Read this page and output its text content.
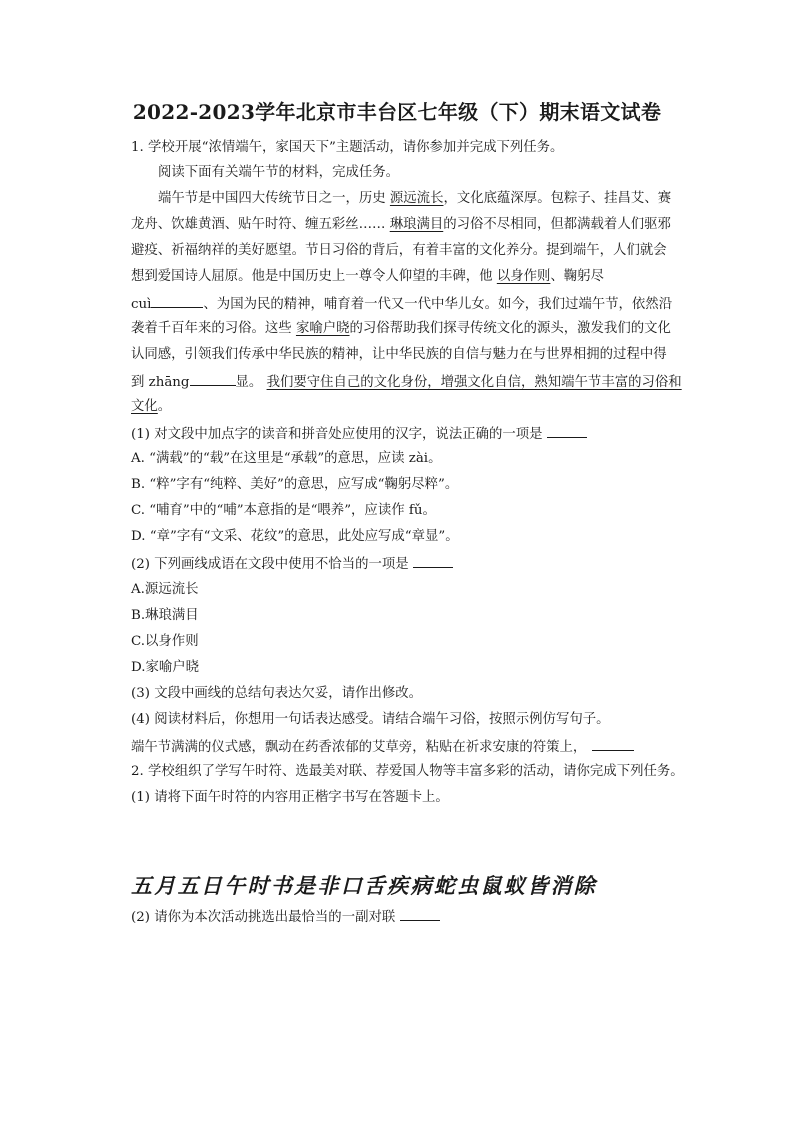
2022-2023学年北京市丰台区七年级（下）期末语文试卷
1. 学校开展“浓情端午，家国天下”主题活动，请你参加并完成下列任务。
阅读下面有关端午节的材料，完成任务。
端午节是中国四大传统节日之一，历史 源远流长，文化底蕴深厚。包粽子、挂昌艾、赛
龙舟、饮雄黄酒、贴午时符、缠五彩丝…… 琳琅满目的习俗不尽相同，但都满载着人们驱邪
避疫、祈福纳祥的美好愿望。节日习俗的背后，有着丰富的文化养分。提到端午，人们就会
想到爱国诗人屈原。他是中国历史上一尊令人仰望的丰碑，他 以身作则、鞠躬尽
cuì	、为国为民的精神，哺育着一代又一代中华儿女。如今，我们过端午节，依然沿
袭着千百年来的习俗。这些 家喻户晓的习俗帮助我们探寻传统文化的源头，激发我们的文化
认同感，引领我们传承中华民族的精神，让中华民族的自信与魅力在与世界相拥的过程中得
到 zhāng	显。 我们要守住自己的文化身份，增强文化自信，熟知端午节丰富的习俗和
文化。
(1) 对文段中加点字的读音和拼音处应使用的汉字，说法正确的一项是
A. “满载”的“载”在这里是“承载”的意思，应读 zài。
B. “粹”字有“纯粹、美好”的意思，应写成“鞠躬尽粹”。
C. “哺育”中的“哺”本意指的是“喂养”，应读作 fǔ。
D. “章”字有“文采、花纹”的意思，此处应写成“章显”。
(2) 下列画线成语在文段中使用不恰当的一项是
A.源远流长
B.琳琅满目
C.以身作则
D.家喻户晓
(3) 文段中画线的总结句表达欠妥，请作出修改。
(4) 阅读材料后，你想用一句话表达感受。请结合端午习俗，按照示例仿写句子。
端午节满满的仪式感，飘动在药香浓郁的艾草旁，粘贴在祈求安康的符策上，
2. 学校组织了学写午时符、选最美对联、荐爱国人物等丰富多彩的活动，请你完成下列任务。
(1) 请将下面午时符的内容用正楷字书写在答题卡上。
五月五日午时书是非口舌疾病蛇虫鼠蚁皆消除
(2) 请你为本次活动挑选出最恰当的一副对联
